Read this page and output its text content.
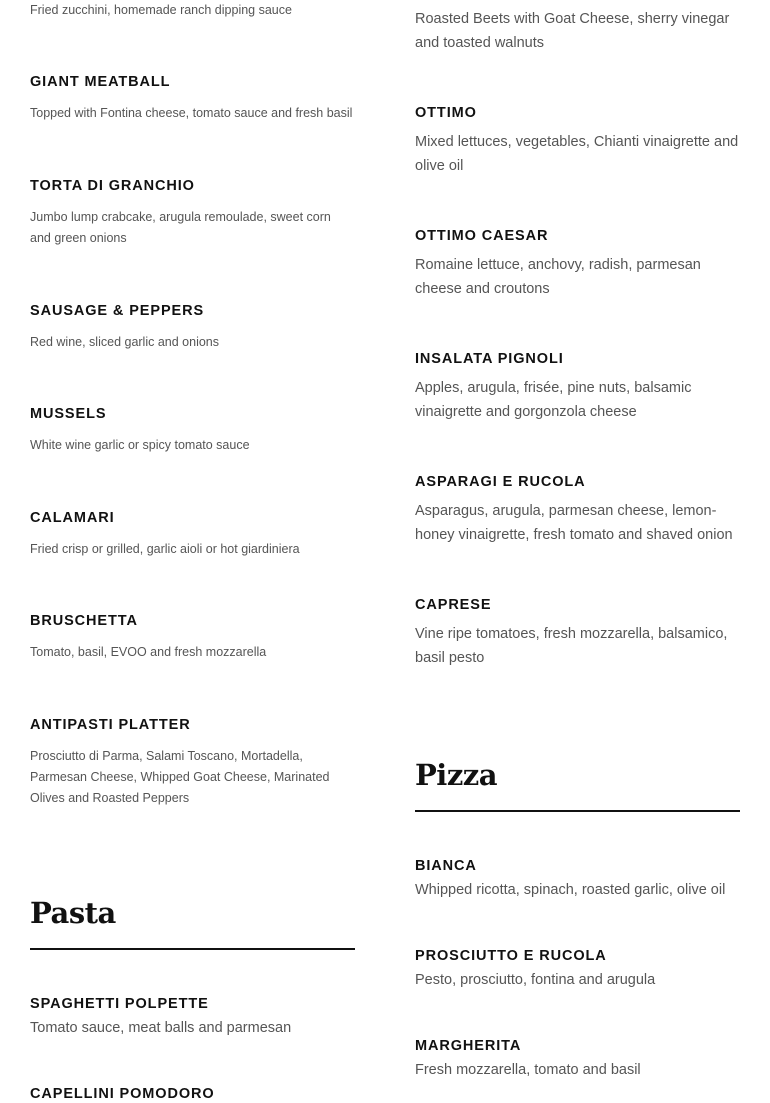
Fried zucchini, homemade ranch dipping sauce
GIANT MEATBALL
Topped with Fontina cheese, tomato sauce and fresh basil
TORTA DI GRANCHIO
Jumbo lump crabcake, arugula remoulade, sweet corn and green onions
SAUSAGE & PEPPERS
Red wine, sliced garlic and onions
MUSSELS
White wine garlic or spicy tomato sauce
CALAMARI
Fried crisp or grilled, garlic aioli or hot giardiniera
BRUSCHETTA
Tomato, basil, EVOO and fresh mozzarella
ANTIPASTI PLATTER
Prosciutto di Parma, Salami Toscano, Mortadella, Parmesan Cheese, Whipped Goat Cheese, Marinated Olives and Roasted Peppers
Pasta
SPAGHETTI POLPETTE
Tomato sauce, meat balls and parmesan
CAPELLINI POMODORO
Roasted Beets with Goat Cheese, sherry vinegar and toasted walnuts
OTTIMO
Mixed lettuces, vegetables, Chianti vinaigrette and olive oil
OTTIMO CAESAR
Romaine lettuce, anchovy, radish, parmesan cheese and croutons
INSALATA PIGNOLI
Apples, arugula, frisée, pine nuts, balsamic vinaigrette and gorgonzola cheese
ASPARAGI E RUCOLA
Asparagus, arugula, parmesan cheese, lemon-honey vinaigrette, fresh tomato and shaved onion
CAPRESE
Vine ripe tomatoes, fresh mozzarella, balsamico, basil pesto
Pizza
BIANCA
Whipped ricotta, spinach, roasted garlic, olive oil
PROSCIUTTO E RUCOLA
Pesto, prosciutto, fontina and arugula
MARGHERITA
Fresh mozzarella, tomato and basil
